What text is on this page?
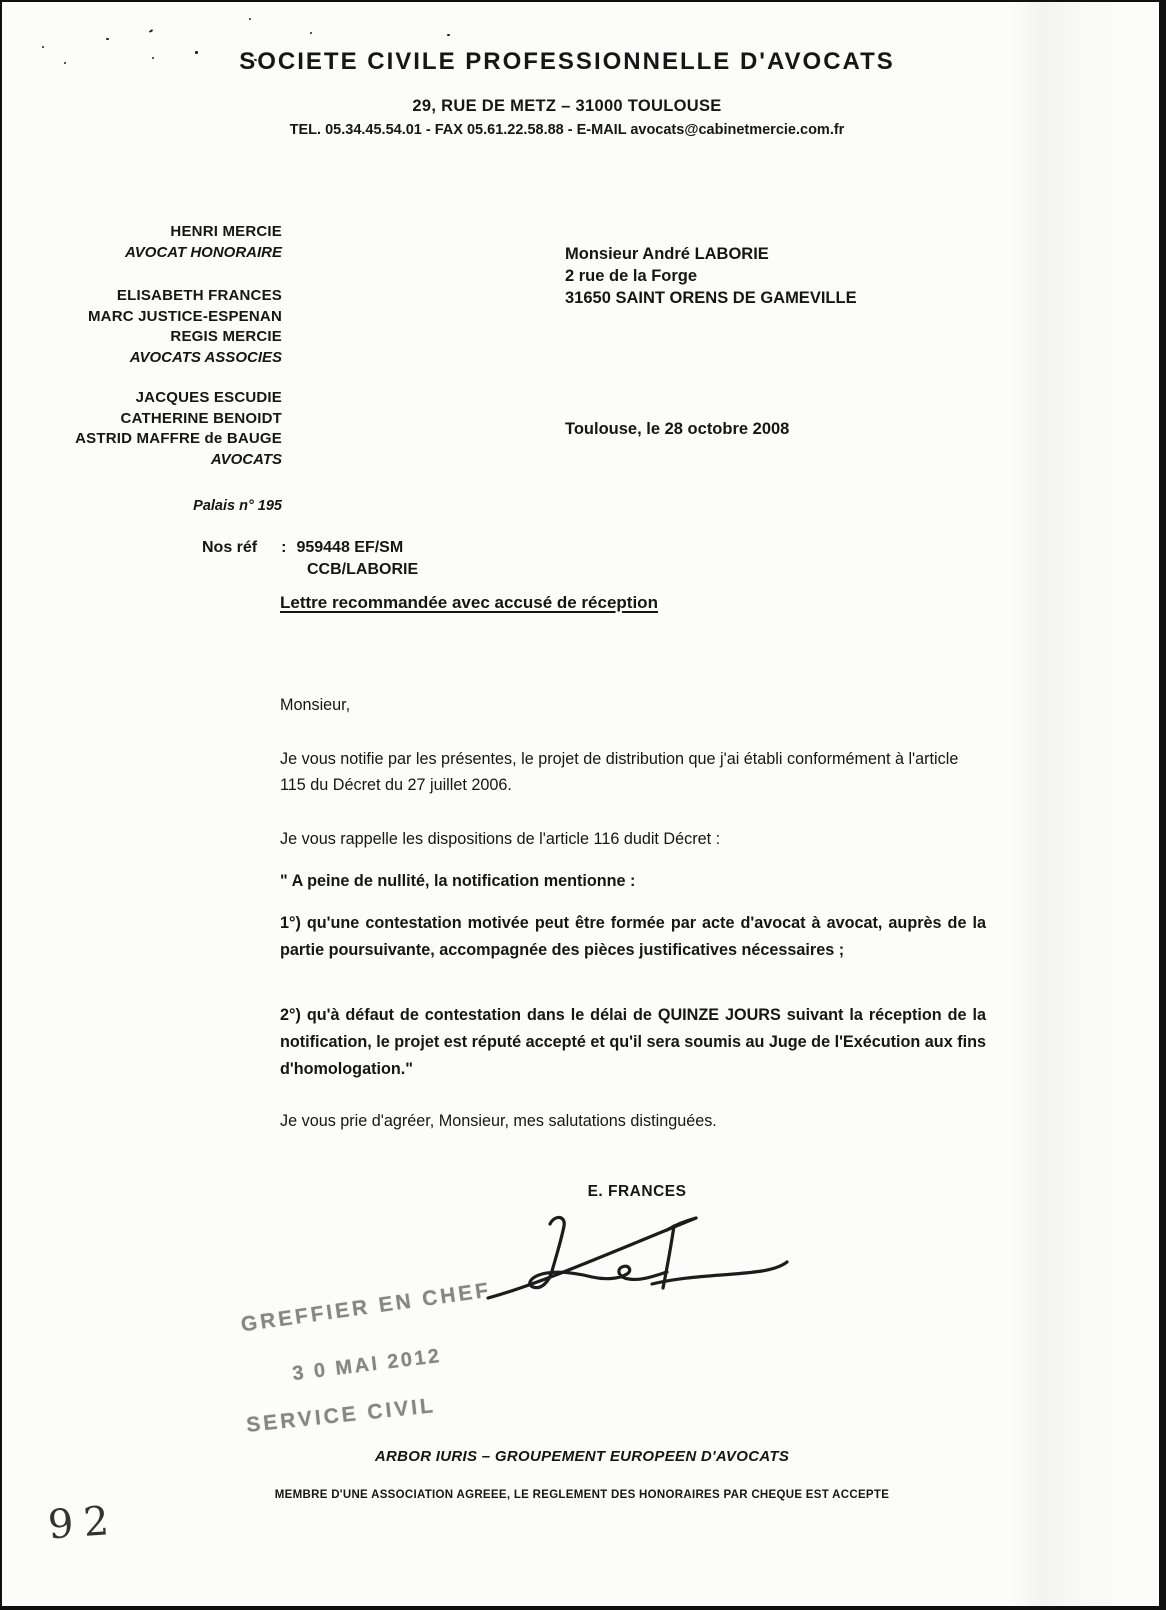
SOCIETE CIVILE PROFESSIONNELLE D'AVOCATS
29, RUE DE METZ – 31000 TOULOUSE
TEL. 05.34.45.54.01 - FAX 05.61.22.58.88 - E-MAIL avocats@cabinetmercie.com.fr
HENRI MERCIE
AVOCAT HONORAIRE
ELISABETH FRANCES
MARC JUSTICE-ESPENAN
REGIS MERCIE
AVOCATS ASSOCIES
JACQUES ESCUDIE
CATHERINE BENOIDT
ASTRID MAFFRE de BAUGE
AVOCATS
Palais n° 195
Monsieur André LABORIE
2 rue de la Forge
31650 SAINT ORENS DE GAMEVILLE
Toulouse, le 28 octobre 2008
Nos réf : 959448 EF/SM
CCB/LABORIE
Lettre recommandée avec accusé de réception
Monsieur,
Je vous notifie par les présentes, le projet de distribution que j'ai établi conformément à l'article 115 du Décret du 27 juillet 2006.
Je vous rappelle les dispositions de l'article 116 dudit Décret :
" A peine de nullité, la notification mentionne :
1°) qu'une contestation motivée peut être formée par acte d'avocat à avocat, auprès de la partie poursuivante, accompagnée des pièces justificatives nécessaires ;
2°) qu'à défaut de contestation dans le délai de QUINZE JOURS suivant la réception de la notification, le projet est réputé accepté et qu'il sera soumis au Juge de l'Exécution aux fins d'homologation."
Je vous prie d'agréer, Monsieur, mes salutations distinguées.
E. FRANCES
GREFFIER EN CHEF
3 0 MAI 2012
SERVICE CIVIL
ARBOR IURIS – GROUPEMENT EUROPEEN D'AVOCATS
MEMBRE D'UNE ASSOCIATION AGREEE, LE REGLEMENT DES HONORAIRES PAR CHEQUE EST ACCEPTE
92
